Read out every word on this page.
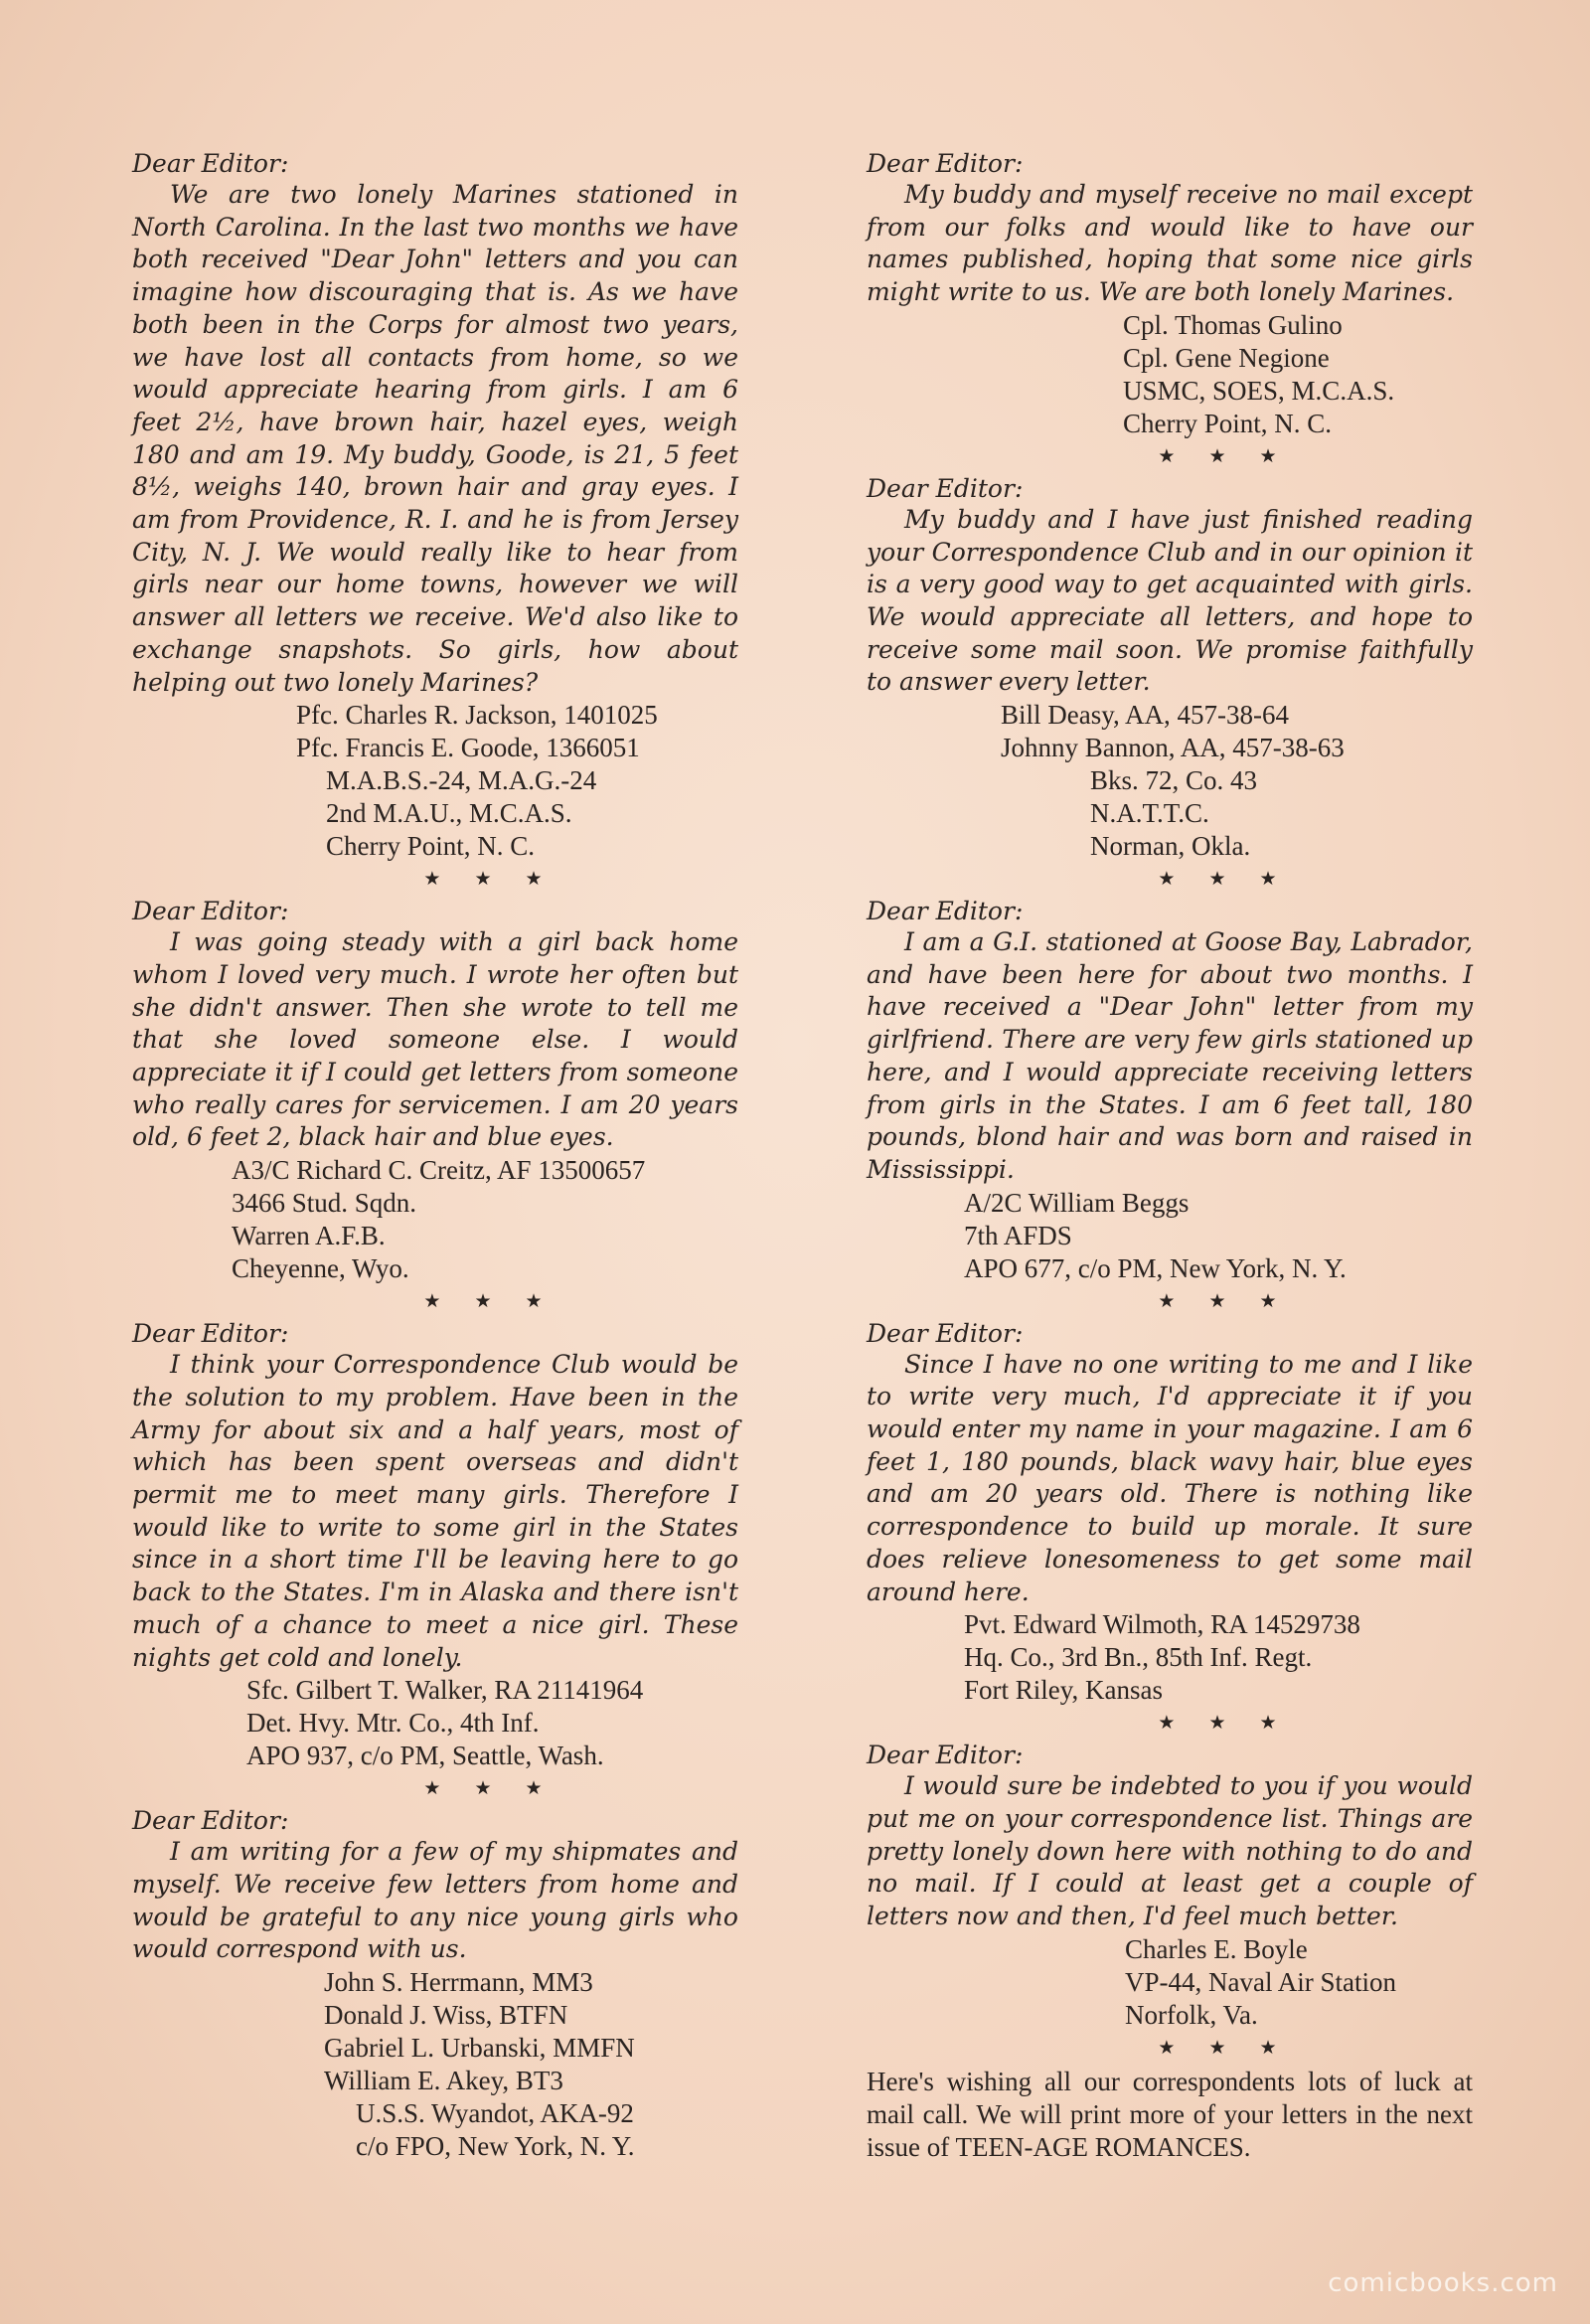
Dear Editor:

We are two lonely Marines stationed in North Carolina. In the last two months we have both received "Dear John" letters and you can imagine how discouraging that is. As we have both been in the Corps for almost two years, we have lost all contacts from home, so we would appreciate hearing from girls. I am 6 feet 2½, have brown hair, hazel eyes, weigh 180 and am 19. My buddy, Goode, is 21, 5 feet 8½, weighs 140, brown hair and gray eyes. I am from Providence, R. I. and he is from Jersey City, N. J. We would really like to hear from girls near our home towns, however we will answer all letters we receive. We'd also like to exchange snapshots. So girls, how about helping out two lonely Marines?

Pfc. Charles R. Jackson, 1401025
Pfc. Francis E. Goode, 1366051
M.A.B.S.-24, M.A.G.-24
2nd M.A.U., M.C.A.S.
Cherry Point, N. C.
★ ★ ★

Dear Editor:

I was going steady with a girl back home whom I loved very much. I wrote her often but she didn't answer. Then she wrote to tell me that she loved someone else. I would appreciate it if I could get letters from someone who really cares for servicemen. I am 20 years old, 6 feet 2, black hair and blue eyes.

A3/C Richard C. Creitz, AF 13500657
3466 Stud. Sqdn.
Warren A.F.B.
Cheyenne, Wyo.
★ ★ ★

Dear Editor:

I think your Correspondence Club would be the solution to my problem. Have been in the Army for about six and a half years, most of which has been spent overseas and didn't permit me to meet many girls. Therefore I would like to write to some girl in the States since in a short time I'll be leaving here to go back to the States. I'm in Alaska and there isn't much of a chance to meet a nice girl. These nights get cold and lonely.

Sfc. Gilbert T. Walker, RA 21141964
Det. Hvy. Mtr. Co., 4th Inf.
APO 937, c/o PM, Seattle, Wash.
★ ★ ★

Dear Editor:

I am writing for a few of my shipmates and myself. We receive few letters from home and would be grateful to any nice young girls who would correspond with us.

John S. Herrmann, MM3
Donald J. Wiss, BTFN
Gabriel L. Urbanski, MMFN
William E. Akey, BT3
U.S.S. Wyandot, AKA-92
c/o FPO, New York, N. Y.

Dear Editor:

My buddy and myself receive no mail except from our folks and would like to have our names published, hoping that some nice girls might write to us. We are both lonely Marines.

Cpl. Thomas Gulino
Cpl. Gene Negione
USMC, SOES, M.C.A.S.
Cherry Point, N. C.
★ ★ ★

Dear Editor:

My buddy and I have just finished reading your Correspondence Club and in our opinion it is a very good way to get acquainted with girls. We would appreciate all letters, and hope to receive some mail soon. We promise faithfully to answer every letter.

Bill Deasy, AA, 457-38-64
Johnny Bannon, AA, 457-38-63
Bks. 72, Co. 43
N.A.T.T.C.
Norman, Okla.
★ ★ ★

Dear Editor:

I am a G.I. stationed at Goose Bay, Labrador, and have been here for about two months. I have received a "Dear John" letter from my girlfriend. There are very few girls stationed up here, and I would appreciate receiving letters from girls in the States. I am 6 feet tall, 180 pounds, blond hair and was born and raised in Mississippi.

A/2C William Beggs
7th AFDS
APO 677, c/o PM, New York, N. Y.
★ ★ ★

Dear Editor:

Since I have no one writing to me and I like to write very much, I'd appreciate it if you would enter my name in your magazine. I am 6 feet 1, 180 pounds, black wavy hair, blue eyes and am 20 years old. There is nothing like correspondence to build up morale. It sure does relieve lonesomeness to get some mail around here.

Pvt. Edward Wilmoth, RA 14529738
Hq. Co., 3rd Bn., 85th Inf. Regt.
Fort Riley, Kansas
★ ★ ★

Dear Editor:

I would sure be indebted to you if you would put me on your correspondence list. Things are pretty lonely down here with nothing to do and no mail. If I could at least get a couple of letters now and then, I'd feel much better.

Charles E. Boyle
VP-44, Naval Air Station
Norfolk, Va.
★ ★ ★

Here's wishing all our correspondents lots of luck at mail call. We will print more of your letters in the next issue of TEEN-AGE ROMANCES.

comicbooks.com
